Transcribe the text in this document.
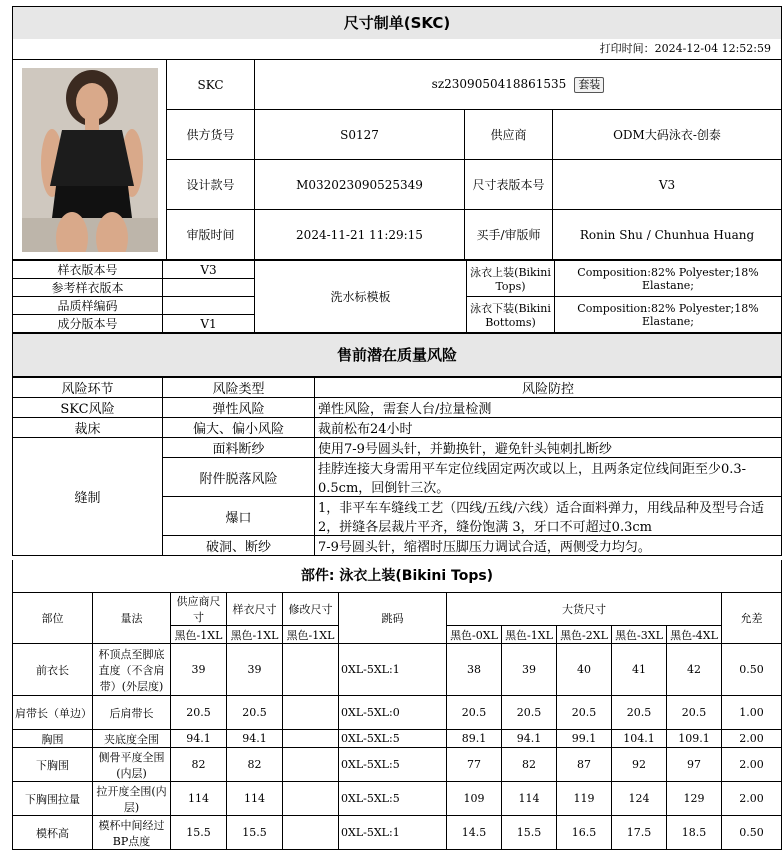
尺寸制单(SKC)
打印时间：2024-12-04 12:52:59
	SKC	sz2309050418861535 套装		
	供方货号	S0127	供应商	ODM大码泳衣-创泰
	设计款号	M032023090525349	尺寸表版本号	V3
	审版时间	2024-11-21 11:29:15	买手/审版师	Ronin Shu / Chunhua Huang
样衣版本号	V3	洗水标模板	泳衣上装(Bikini Tops)	Composition:82% Polyester;18% Elastane;
参考样衣版本				
品质样编码			泳衣下装(Bikini Bottoms)	Composition:82% Polyester;18% Elastane;
成分版本号	V1			
售前潜在质量风险
风险环节	风险类型	风险防控
SKC风险	弹性风险	弹性风险，需套人台/拉量检测
裁床	偏大、偏小风险	裁前松布24小时
缝制	面料断纱	使用7-9号圆头针，并勤换针，避免针头钝刺扎断纱
	附件脱落风险	挂脖连接大身需用平车定位线固定两次或以上，且两条定位线间距至少0.3-0.5cm，回倒针三次。
	爆口	1，非平车车缝线工艺（四线/五线/六线）适合面料弹力，用线品种及型号合适 2，拼缝各层裁片平齐，缝份饱满 3，牙口不可超过0.3cm
	破洞、断纱	7-9号圆头针，缩褶时压脚压力调试合适，两侧受力均匀。
部件: 泳衣上装(Bikini Tops)
部位	量法	供应商尺寸	样衣尺寸	修改尺寸	跳码	大货尺寸					允差
		黑色-1XL	黑色-1XL	黑色-1XL		黑色-0XL	黑色-1XL	黑色-2XL	黑色-3XL	黑色-4XL	
前衣长	杯顶点至脚底直度（不含肩带）(外层度)	39	39		0XL-5XL:1	38	39	40	41	42	0.50
肩带长（单边）	后肩带长	20.5	20.5		0XL-5XL:0	20.5	20.5	20.5	20.5	20.5	1.00
胸围	夹底度全围	94.1	94.1		0XL-5XL:5	89.1	94.1	99.1	104.1	109.1	2.00
下胸围	侧骨平度全围(内层)	82	82		0XL-5XL:5	77	82	87	92	97	2.00
下胸围拉量	拉开度全围(内层)	114	114		0XL-5XL:5	109	114	119	124	129	2.00
模杯高	模杯中间经过BP点度	15.5	15.5		0XL-5XL:1	14.5	15.5	16.5	17.5	18.5	0.50
